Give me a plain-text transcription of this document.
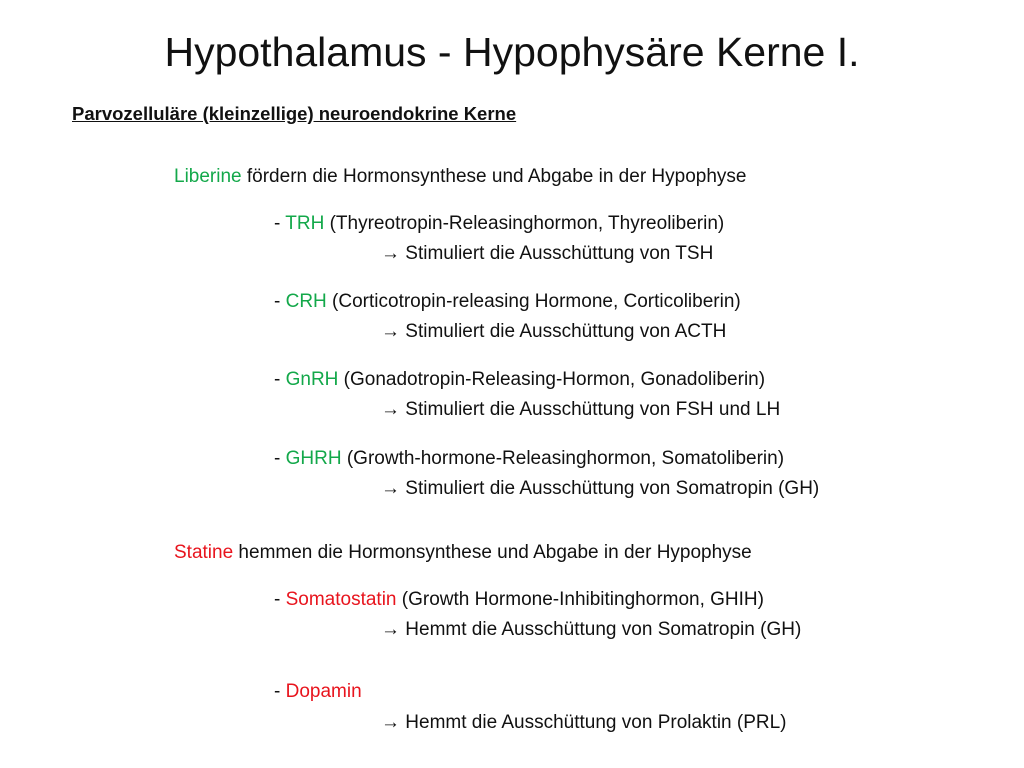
Hypothalamus - Hypophysäre Kerne I.
Parvozelluläre (kleinzellige) neuroendokrine Kerne
Liberine fördern die Hormonsynthese und Abgabe in der Hypophyse
- TRH (Thyreotropin-Releasinghormon, Thyreoliberin)
→ Stimuliert die Ausschüttung von TSH
- CRH (Corticotropin-releasing Hormone, Corticoliberin)
→ Stimuliert die Ausschüttung von ACTH
- GnRH (Gonadotropin-Releasing-Hormon, Gonadoliberin)
→ Stimuliert die Ausschüttung von FSH und LH
- GHRH (Growth-hormone-Releasinghormon, Somatoliberin)
→ Stimuliert die Ausschüttung von Somatropin (GH)
Statine hemmen die Hormonsynthese und Abgabe in der Hypophyse
- Somatostatin (Growth Hormone-Inhibitinghormon, GHIH)
→ Hemmt die Ausschüttung von Somatropin (GH)
- Dopamin
→ Hemmt die Ausschüttung von Prolaktin (PRL)
